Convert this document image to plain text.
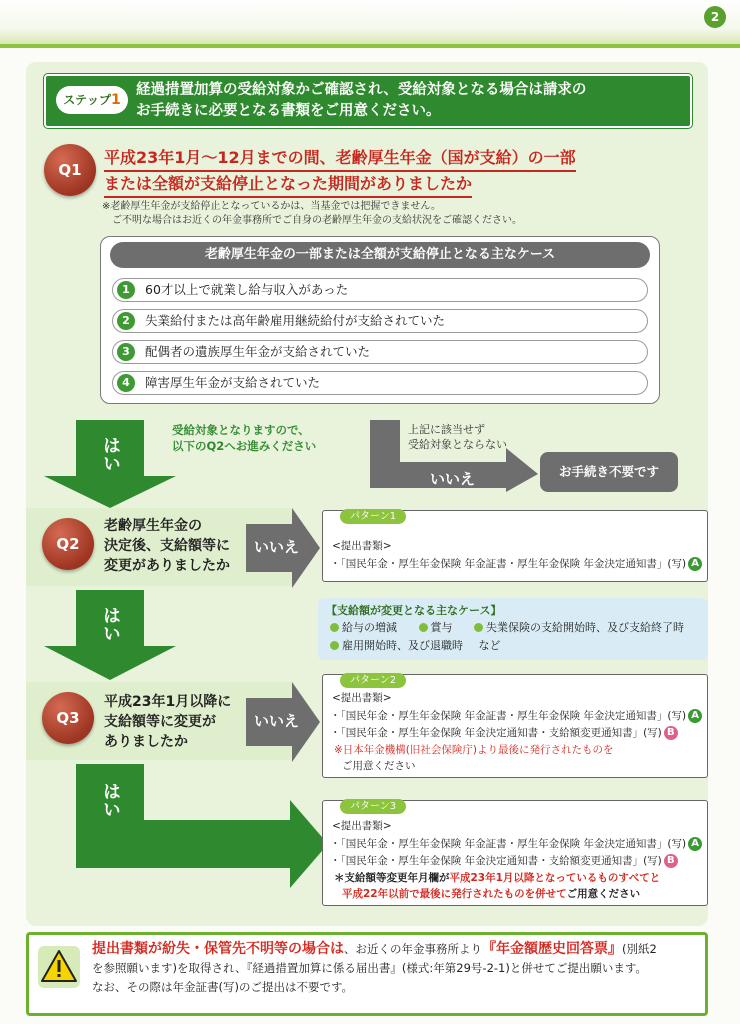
2
ステップ1
経過措置加算の受給対象かご確認され、受給対象となる場合は請求の
お手続きに必要となる書類をご用意ください。
Q1
平成23年1月～12月までの間、老齢厚生年金（国が支給）の一部
または全額が支給停止となった期間がありましたか
※老齢厚生年金が支給停止となっているかは、当基金では把握できません。
ご不明な場合はお近くの年金事務所でご自身の老齢厚生年金の支給状況をご確認ください。
老齢厚生年金の一部または全額が支給停止となる主なケース
1	60才以上で就業し給与収入があった
2	失業給付または高年齢雇用継続給付が支給されていた
3	配偶者の遺族厚生年金が支給されていた
4	障害厚生年金が支給されていた
はい
受給対象となりますので、
以下のQ2へお進みください
上記に該当せず
受給対象とならない
いいえ	お手続き不要です
Q2
老齢厚生年金の
決定後、支給額等に
変更がありましたか
いいえ
パターン1
<提出書類>
・「国民年金・厚生年金保険 年金証書・厚生年金保険 年金決定通知書」(写) A
はい	【支給額が変更となる主なケース】
給与の増減	賞与	失業保険の支給開始時、及び支給終了時
雇用開始時、及び退職時 など
Q3
平成23年1月以降に
支給額等に変更が
ありましたか
いいえ
パターン2
<提出書類>
・「国民年金・厚生年金保険 年金証書・厚生年金保険 年金決定通知書」(写) A
・「国民年金・厚生年金保険 年金決定通知書・支給額変更通知書」(写) B
※日本年金機構(旧社会保険庁)より最後に発行されたものを
ご用意ください
はい	パターン3
<提出書類>
・「国民年金・厚生年金保険 年金証書・厚生年金保険 年金決定通知書」(写) A
・「国民年金・厚生年金保険 年金決定通知書・支給額変更通知書」(写) B
＊支給額等変更年月欄が平成23年1月以降となっているものすべてと
平成22年以前で最後に発行されたものを併せてご用意ください
提出書類が紛失・保管先不明等の場合は、お近くの年金事務所より『年金額歴史回答票』(別紙2
を参照願います)を取得され、『経過措置加算に係る届出書』(様式:年第29号-2-1)と併せてご提出願います。
なお、その際は年金証書(写)のご提出は不要です。
